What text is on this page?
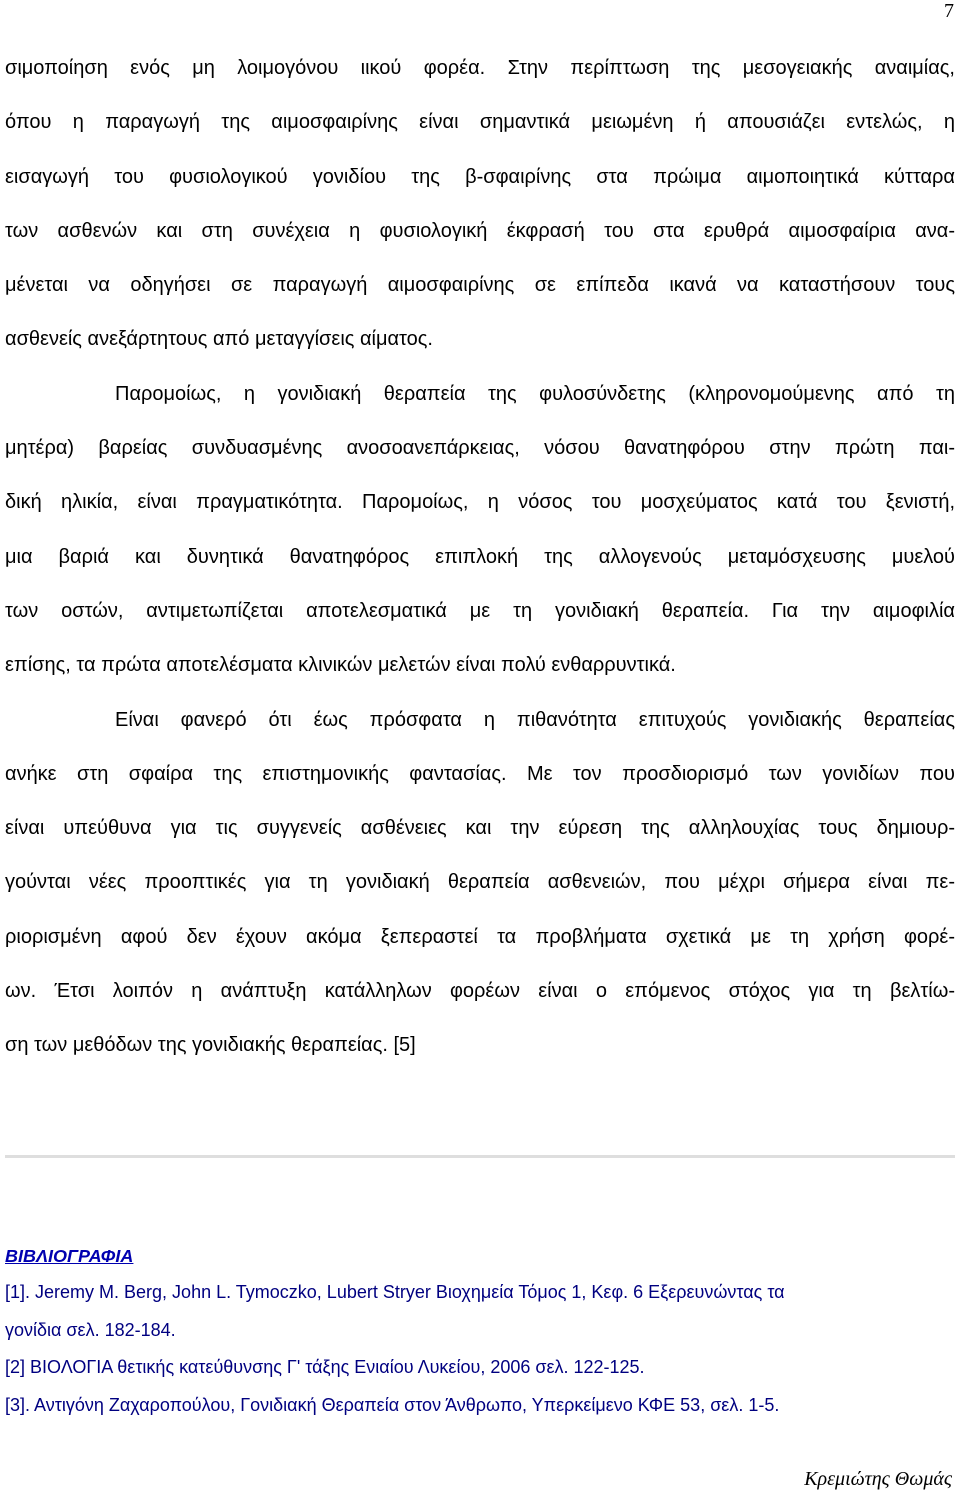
7
σιμοποίηση ενός μη λοιμογόνου ιικού φορέα. Στην περίπτωση της μεσογειακής αναιμίας,
όπου η παραγωγή της αιμοσφαιρίνης είναι σημαντικά μειωμένη ή απουσιάζει εντελώς, η
εισαγωγή του φυσιολογικού γονιδίου της β-σφαιρίνης στα πρώιμα αιμοποιητικά κύτταρα
των ασθενών και στη συνέχεια η φυσιολογική έκφρασή του στα ερυθρά αιμοσφαίρια ανα-
μένεται να οδηγήσει σε παραγωγή αιμοσφαιρίνης σε επίπεδα ικανά να καταστήσουν τους
ασθενείς ανεξάρτητους από μεταγγίσεις αίματος.
Παρομοίως, η γονιδιακή θεραπεία της φυλοσύνδετης (κληρονομούμενης από τη
μητέρα) βαρείας συνδυασμένης ανοσοανεπάρκειας, νόσου θανατηφόρου στην πρώτη παι-
δική ηλικία, είναι πραγματικότητα. Παρομοίως, η νόσος του μοσχεύματος κατά του ξενιστή,
μια βαριά και δυνητικά θανατηφόρος επιπλοκή της αλλογενούς μεταμόσχευσης μυελού
των οστών, αντιμετωπίζεται αποτελεσματικά με τη γονιδιακή θεραπεία. Για την αιμοφιλία
επίσης, τα πρώτα αποτελέσματα κλινικών μελετών είναι πολύ ενθαρρυντικά.
Είναι φανερό ότι έως πρόσφατα η πιθανότητα επιτυχούς γονιδιακής θεραπείας
ανήκε στη σφαίρα της επιστημονικής φαντασίας. Με τον προσδιορισμό των γονιδίων που
είναι υπεύθυνα για τις συγγενείς ασθένειες και την εύρεση της αλληλουχίας τους δημιουρ-
γούνται νέες προοπτικές για τη γονιδιακή θεραπεία ασθενειών, που μέχρι σήμερα είναι πε-
ριορισμένη αφού δεν έχουν ακόμα ξεπεραστεί τα προβλήματα σχετικά με τη χρήση φορέ-
ων. Έτσι λοιπόν η ανάπτυξη κατάλληλων φορέων είναι ο επόμενος στόχος για τη βελτίω-
ση των μεθόδων της γονιδιακής θεραπείας. [5]
ΒΙΒΛΙΟΓΡΑΦΙΑ
[1]. Jeremy M. Berg, John L. Tymoczko, Lubert Stryer Βιοχημεία Τόμος 1, Κεφ. 6 Εξερευνώντας τα
γονίδια σελ. 182-184.
[2] ΒΙΟΛΟΓΙΑ θετικής κατεύθυνσης Γ' τάξης Ενιαίου Λυκείου, 2006 σελ. 122-125.
[3]. Αντιγόνη Ζαχαροπούλου, Γονιδιακή Θεραπεία στον Άνθρωπο, Υπερκείμενο ΚΦΕ 53, σελ. 1-5.
Κρεμιώτης Θωμάς
